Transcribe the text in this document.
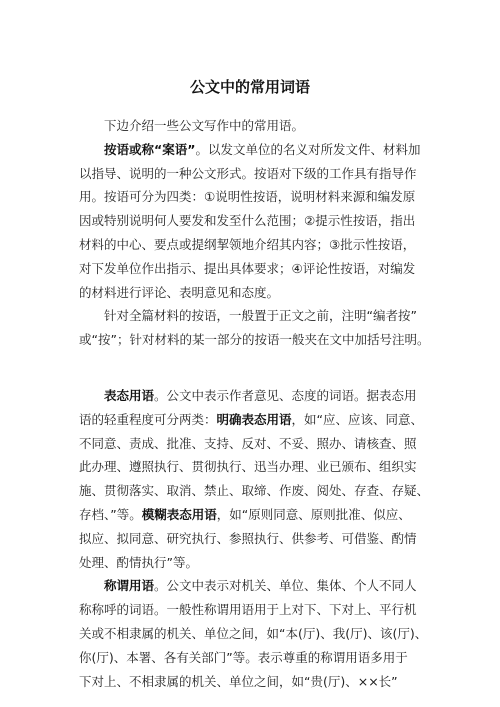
公文中的常用词语

下边介绍一些公文写作中的常用语。

按语或称“案语”。以发文单位的名义对所发文件、材料加

以指导、说明的一种公文形式。按语对下级的工作具有指导作

用。按语可分为四类：①说明性按语，说明材料来源和编发原

因或特别说明何人要发和发至什么范围；②提示性按语，指出

材料的中心、要点或提纲挈领地介绍其内容；③批示性按语，

对下发单位作出指示、提出具体要求；④评论性按语，对编发

的材料进行评论、表明意见和态度。

针对全篇材料的按语，一般置于正文之前，注明“编者按”

或“按”；针对材料的某一部分的按语一般夹在文中加括号注明。

表态用语。公文中表示作者意见、态度的词语。据表态用

语的轻重程度可分两类：明确表态用语，如“应、应该、同意、

不同意、责成、批准、支持、反对、不妥、照办、请核查、照

此办理、遵照执行、贯彻执行、迅当办理、业已颁布、组织实

施、贯彻落实、取消、禁止、取缔、作废、阅处、存查、存疑、

存档、”等。模糊表态用语，如“原则同意、原则批准、似应、

拟应、拟同意、研究执行、参照执行、供参考、可借鉴、酌情

处理、酌情执行”等。

称谓用语。公文中表示对机关、单位、集体、个人不同人

称称呼的词语。一般性称谓用语用于上对下、下对上、平行机

关或不相隶属的机关、单位之间，如“本(厅)、我(厅)、该(厅)、

你(厅)、本署、各有关部门”等。表示尊重的称谓用语多用于

下对上、不相隶属的机关、单位之间，如“贵(厅)、××长”
